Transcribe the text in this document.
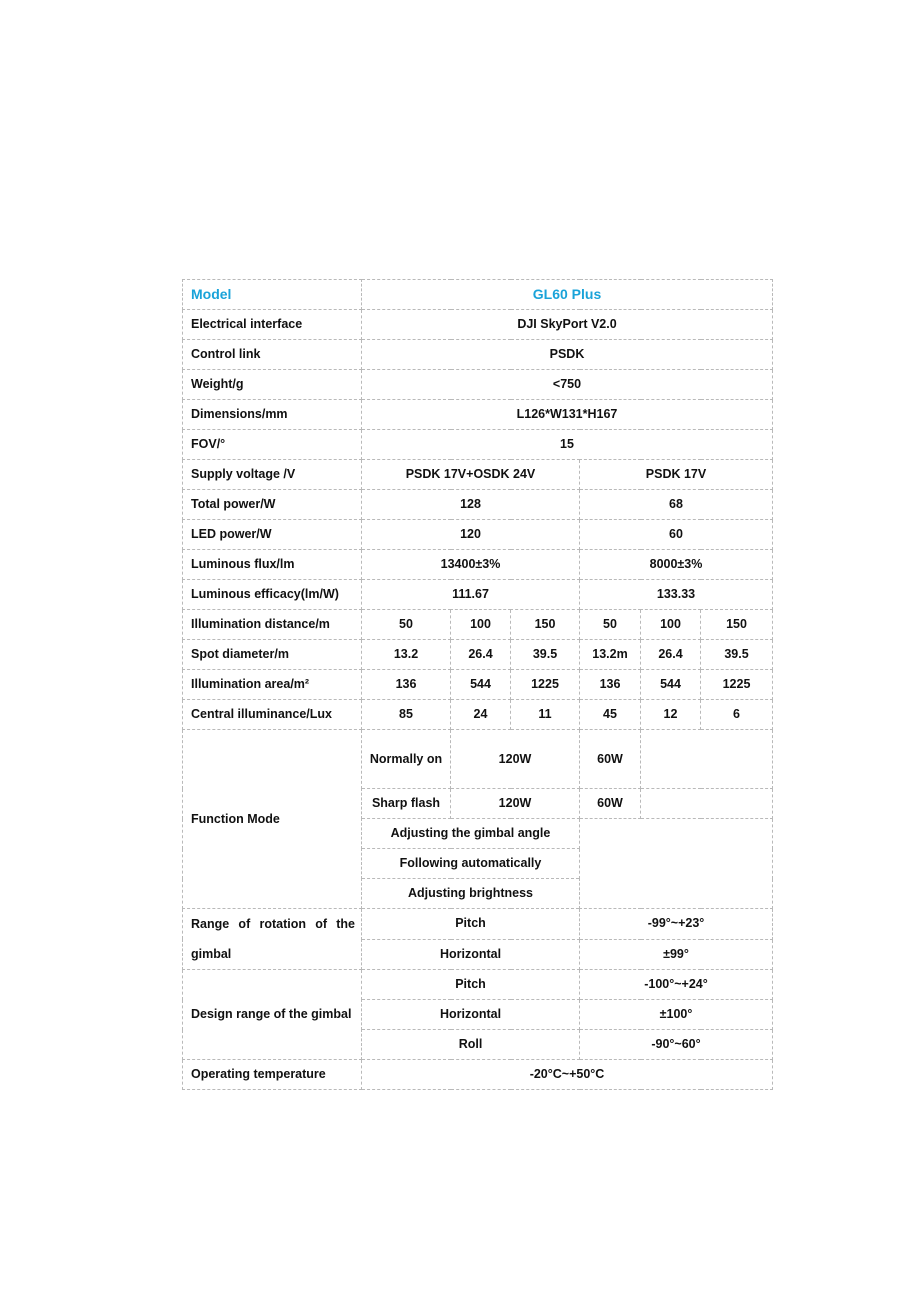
Model	GL60 Plus					
Electrical interface	DJI SkyPort V2.0					
Control link	PSDK					
Weight/g	<750					
Dimensions/mm	L126*W131*H167					
FOV/°	15					
Supply voltage /V	PSDK 17V+OSDK 24V			PSDK 17V		
Total power/W	128			68		
LED power/W	120			60		
Luminous flux/lm	13400±3%			8000±3%		
Luminous efficacy(lm/W)	111.67			133.33		
Illumination distance/m	50	100	150	50	100	150
Spot diameter/m	13.2	26.4	39.5	13.2m	26.4	39.5
Illumination area/m²	136	544	1225	136	544	1225
Central illuminance/Lux	85	24	11	45	12	6
Function Mode	Normally on	120W		60W		
	Sharp flash	120W		60W		
	Adjusting the gimbal angle					
	Following automatically					
	Adjusting brightness					
Range of rotation of the gimbal	Pitch			-99°~+23°		
	Horizontal			±99°		
Design range of the gimbal	Pitch			-100°~+24°		
	Horizontal			±100°		
	Roll			-90°~60°		
Operating temperature	-20°C~+50°C					
